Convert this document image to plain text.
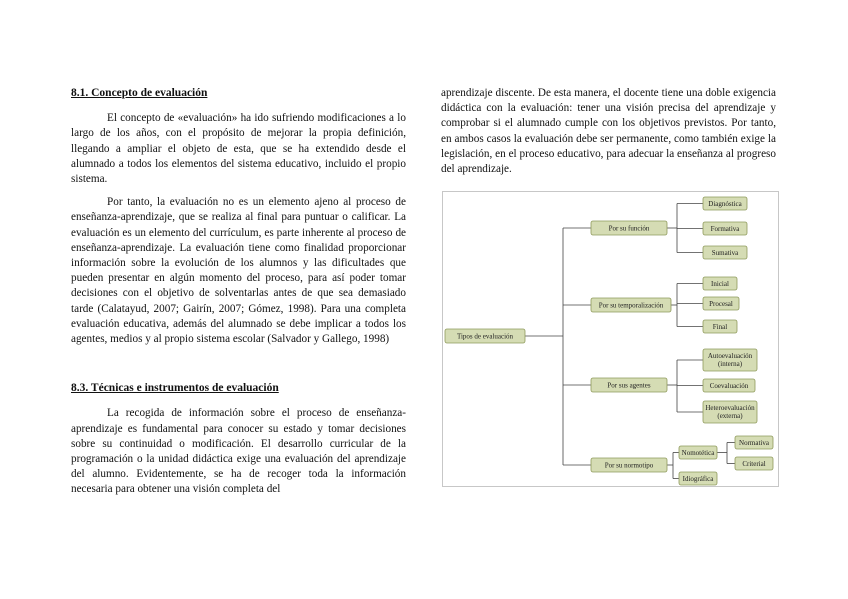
8.1. Concepto de evaluación

El concepto de «evaluación» ha ido sufriendo modificaciones a lo largo de los años, con el propósito de mejorar la propia definición, llegando a ampliar el objeto de esta, que se ha extendido desde el alumnado a todos los elementos del sistema educativo, incluido el propio sistema.

Por tanto, la evaluación no es un elemento ajeno al proceso de enseñanza-aprendizaje, que se realiza al final para puntuar o calificar. La evaluación es un elemento del currículum, es parte inherente al proceso de enseñanza-aprendizaje. La evaluación tiene como finalidad proporcionar información sobre la evolución de los alumnos y las dificultades que pueden presentar en algún momento del proceso, para así poder tomar decisiones con el objetivo de solventarlas antes de que sea demasiado tarde (Calatayud, 2007; Gairín, 2007; Gómez, 1998). Para una completa evaluación educativa, además del alumnado se debe implicar a todos los agentes, medios y al propio sistema escolar (Salvador y Gallego, 1998)

8.3. Técnicas e instrumentos de evaluación

La recogida de información sobre el proceso de enseñanza-aprendizaje es fundamental para conocer su estado y tomar decisiones sobre su continuidad o modificación. El desarrollo curricular de la programación o la unidad didáctica exige una evaluación del aprendizaje del alumno. Evidentemente, se ha de recoger toda la información necesaria para obtener una visión completa del

aprendizaje discente. De esta manera, el docente tiene una doble exigencia didáctica con la evaluación: tener una visión precisa del aprendizaje y comprobar si el alumnado cumple con los objetivos previstos. Por tanto, en ambos casos la evaluación debe ser permanente, como también exige la legislación, en el proceso educativo, para adecuar la enseñanza al progreso del aprendizaje.

Tipos de evaluación
Por su función
Por su temporalización
Por sus agentes
Por su normotipo
Diagnóstica
Formativa
Sumativa
Inicial
Procesal
Final
Autoevaluación (interna)
Coevaluación
Heteroevaluación (externa)
Nomotética
Idiográfica
Normativa
Criterial
